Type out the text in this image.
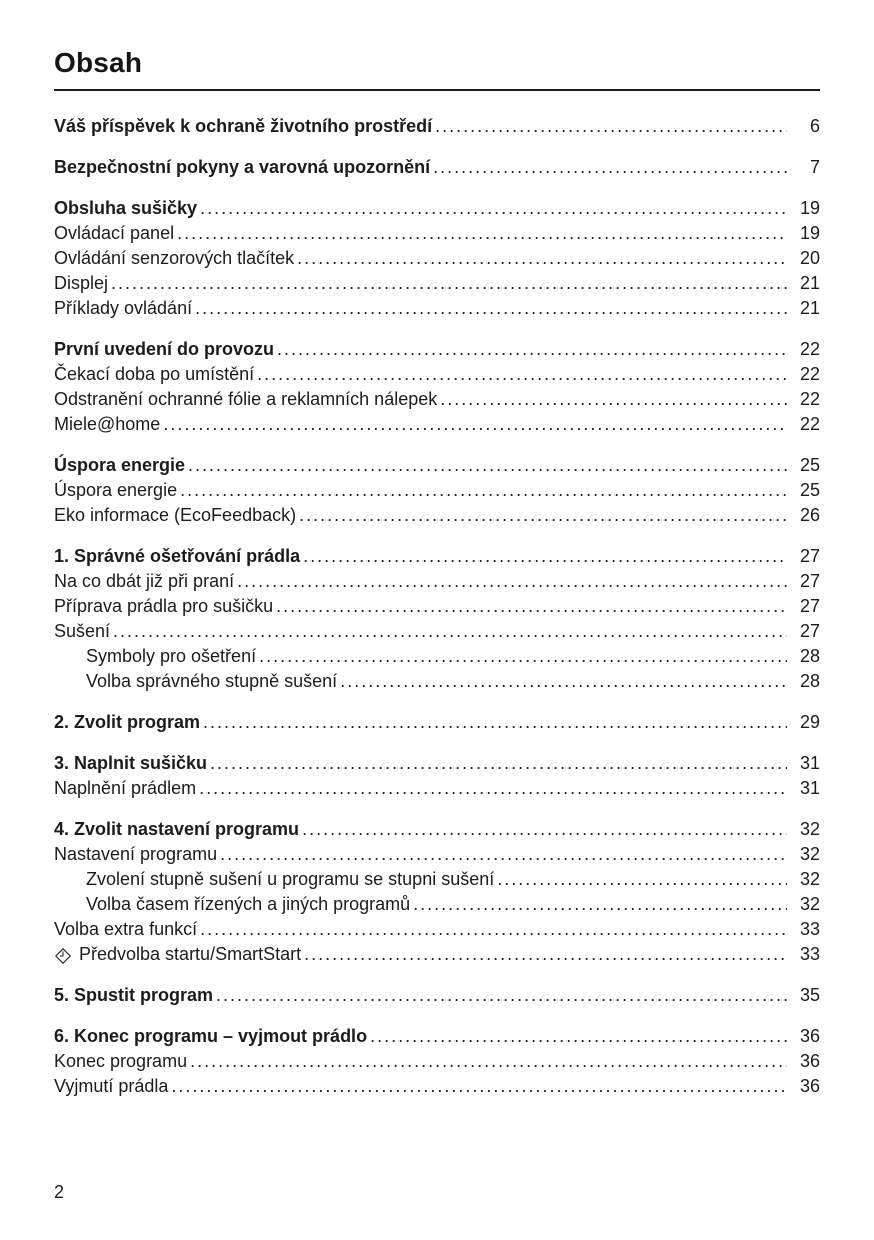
Obsah
Váš příspěvek k ochraně životního prostředí .....	6
Bezpečnostní pokyny a varovná upozornění .....	7
Obsluha sušičky .....	19
Ovládací panel .....	19
Ovládání senzorových tlačítek .....	20
Displej .....	21
Příklady ovládání .....	21
První uvedení do provozu .....	22
Čekací doba po umístění .....	22
Odstranění ochranné fólie a reklamních nálepek .....	22
Miele@home .....	22
Úspora energie .....	25
Úspora energie .....	25
Eko informace (EcoFeedback) .....	26
1. Správné ošetřování prádla .....	27
Na co dbát již při praní .....	27
Příprava prádla pro sušičku .....	27
Sušení .....	27
Symboly pro ošetření .....	28
Volba správného stupně sušení .....	28
2. Zvolit program .....	29
3. Naplnit sušičku .....	31
Naplnění prádlem .....	31
4. Zvolit nastavení programu .....	32
Nastavení programu .....	32
Zvolení stupně sušení u programu se stupni sušení .....	32
Volba časem řízených a jiných programů .....	32
Volba extra funkcí .....	33
Předvolba startu/SmartStart .....	33
5. Spustit program .....	35
6. Konec programu – vyjmout prádlo .....	36
Konec programu .....	36
Vyjmutí prádla .....	36
2
